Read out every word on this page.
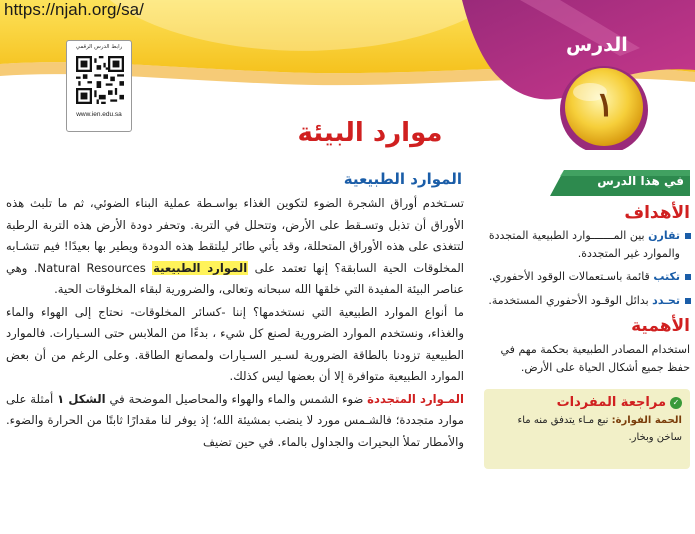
https://njah.org/sa/
رابط الدرس الرقمي
www.ien.edu.sa
الدرس
١
موارد البيئة
الموارد الطبيعية

تسـتخدم أوراق الشجرة الضوء لتكوين الغذاء بواسـطة عملية البناء الضوئي، ثم ما تلبث هذه الأوراق أن تذبل وتسـقط على الأرض، وتتحلل في التربة. وتحفر دودة الأرض هذه التربة الرطبة لتتغذى على هذه الأوراق المتحللة، وقد يأتي طائر ليلتقط هذه الدودة ويطير بها بعيدًا! فيم تتشـابه المخلوقات الحية السابقة؟ إنها تعتمد على الموارد الطبيعية Natural Resources. وهي عناصر البيئة المفيدة التي خلقها الله سبحانه وتعالى، والضرورية لبقاء المخلوقات الحية.

ما أنواع الموارد الطبيعية التي نستخدمها؟ إننا -كسائر المخلوقات- نحتاج إلى الهواء والماء والغذاء، ونستخدم الموارد الضرورية لصنع كل شيء ، بدءًا من الملابس حتى السـيارات. فالموارد الطبيعية تزودنا بالطاقة الضرورية لسـير السـيارات ولمصانع الطاقة. وعلى الرغم من أن بعض الموارد الطبيعية متوافرة إلا أن بعضها ليس كذلك.

المـوارد المتجددة ضوء الشمس والماء والهواء والمحاصيل الموضحة في الشكل ١ أمثلة على موارد متجددة؛ فالشـمس مورد لا ينضب بمشيئة الله؛ إذ يوفر لنا مقدارًا ثابتًا من الحرارة والضوء. والأمطار تملأ البحيرات والجداول بالماء. في حين تضيف

في هذا الدرس
الأهداف
تقارن بين المـــــــوارد الطبيعية المتجددة والموارد غير المتجددة.
تكتب قائمة باسـتعمالات الوقود الأحفوري.
تحـدد بدائل الوقـود الأحفوري المستخدمة.
الأهمية

استخدام المصادر الطبيعية بحكمة مهم في حفظ جميع أشكال الحياة على الأرض.

✓مراجعة المفردات

الحمة الفوارة: نبع مـاء يتدفق منه ماء ساخن وبخار.
